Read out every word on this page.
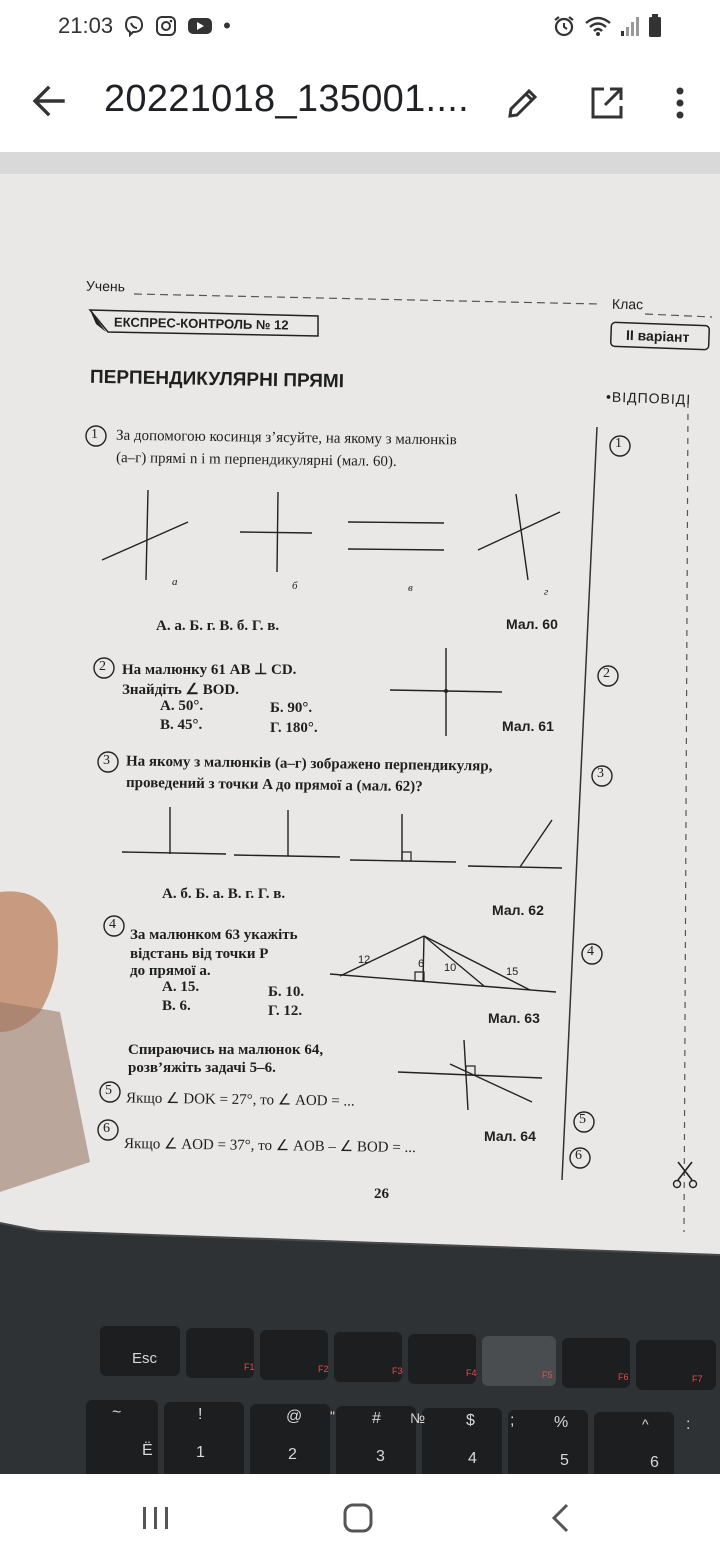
21:03	•
20221018_135001....
Учень
Клас
ЕКСПРЕС-КОНТРОЛЬ № 12
ІІ варіант
ПЕРПЕНДИКУЛЯРНІ ПРЯМІ
•ВІДПОВІДІ
1 За допомогою косинця з’ясуйте, на якому з малюнків
(а–г) прямі n і m перпендикулярні (мал. 60).
а	б	в	г
А. а. Б. г. В. б. Г. в.	Мал. 60
2 На малюнку 61 AB ⊥ CD.
Знайдіть ∠ BOD.
А. 50°.	Б. 90°.
В. 45°.	Г. 180°.	Мал. 61
3 На якому з малюнків (а–г) зображено перпендикуляр,
проведений з точки A до прямої a (мал. 62)?
А. б. Б. а. В. г. Г. в.
Мал. 62
4
За малюнком 63 укажіть
відстань від точки P
до прямої a.
А. 15.	Б. 10.
В. 6.	Г. 12.
12	6 10	15
Мал. 63
Спираючись на малюнок 64,
розв’яжіть задачі 5–6.
5 Якщо ∠ DOK = 27°, то ∠ AOD = ...
6
Якщо ∠ AOD = 37°, то ∠ AOB – ∠ BOD = ...	Мал. 64
26
1
2
3
4
5
6
Esc	F1	F2	F3	F4	F5	F6	F7
~	!	@ " # №	$ ; %	^ :
Ё	1	2	3	4	5	6
